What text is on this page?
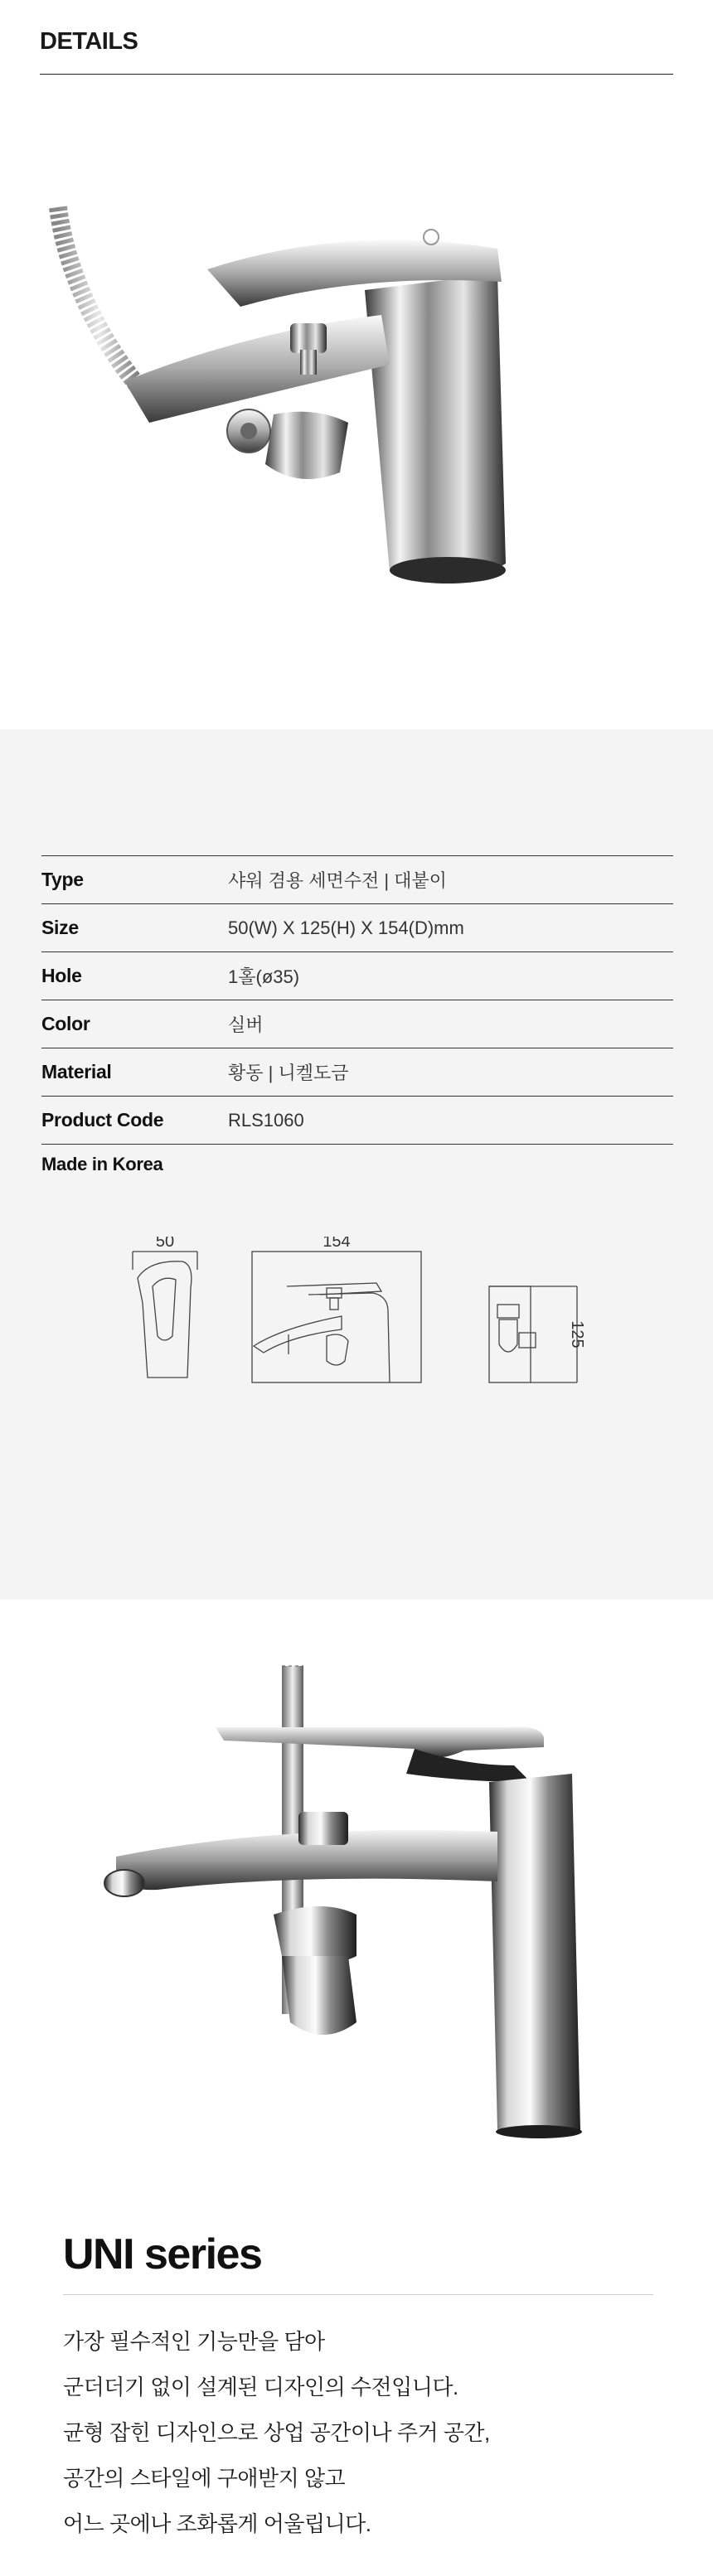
DETAILS
Type	샤워 겸용 세면수전 | 대붙이
Size	50(W) X 125(H) X 154(D)mm
Hole	1홀(ø35)
Color	실버
Material	황동 | 니켈도금
Product Code	RLS1060
Made in Korea
50	154
125
UNI series
가장 필수적인 기능만을 담아
군더더기 없이 설계된 디자인의 수전입니다.
균형 잡힌 디자인으로 상업 공간이나 주거 공간,
공간의 스타일에 구애받지 않고
어느 곳에나 조화롭게 어울립니다.
